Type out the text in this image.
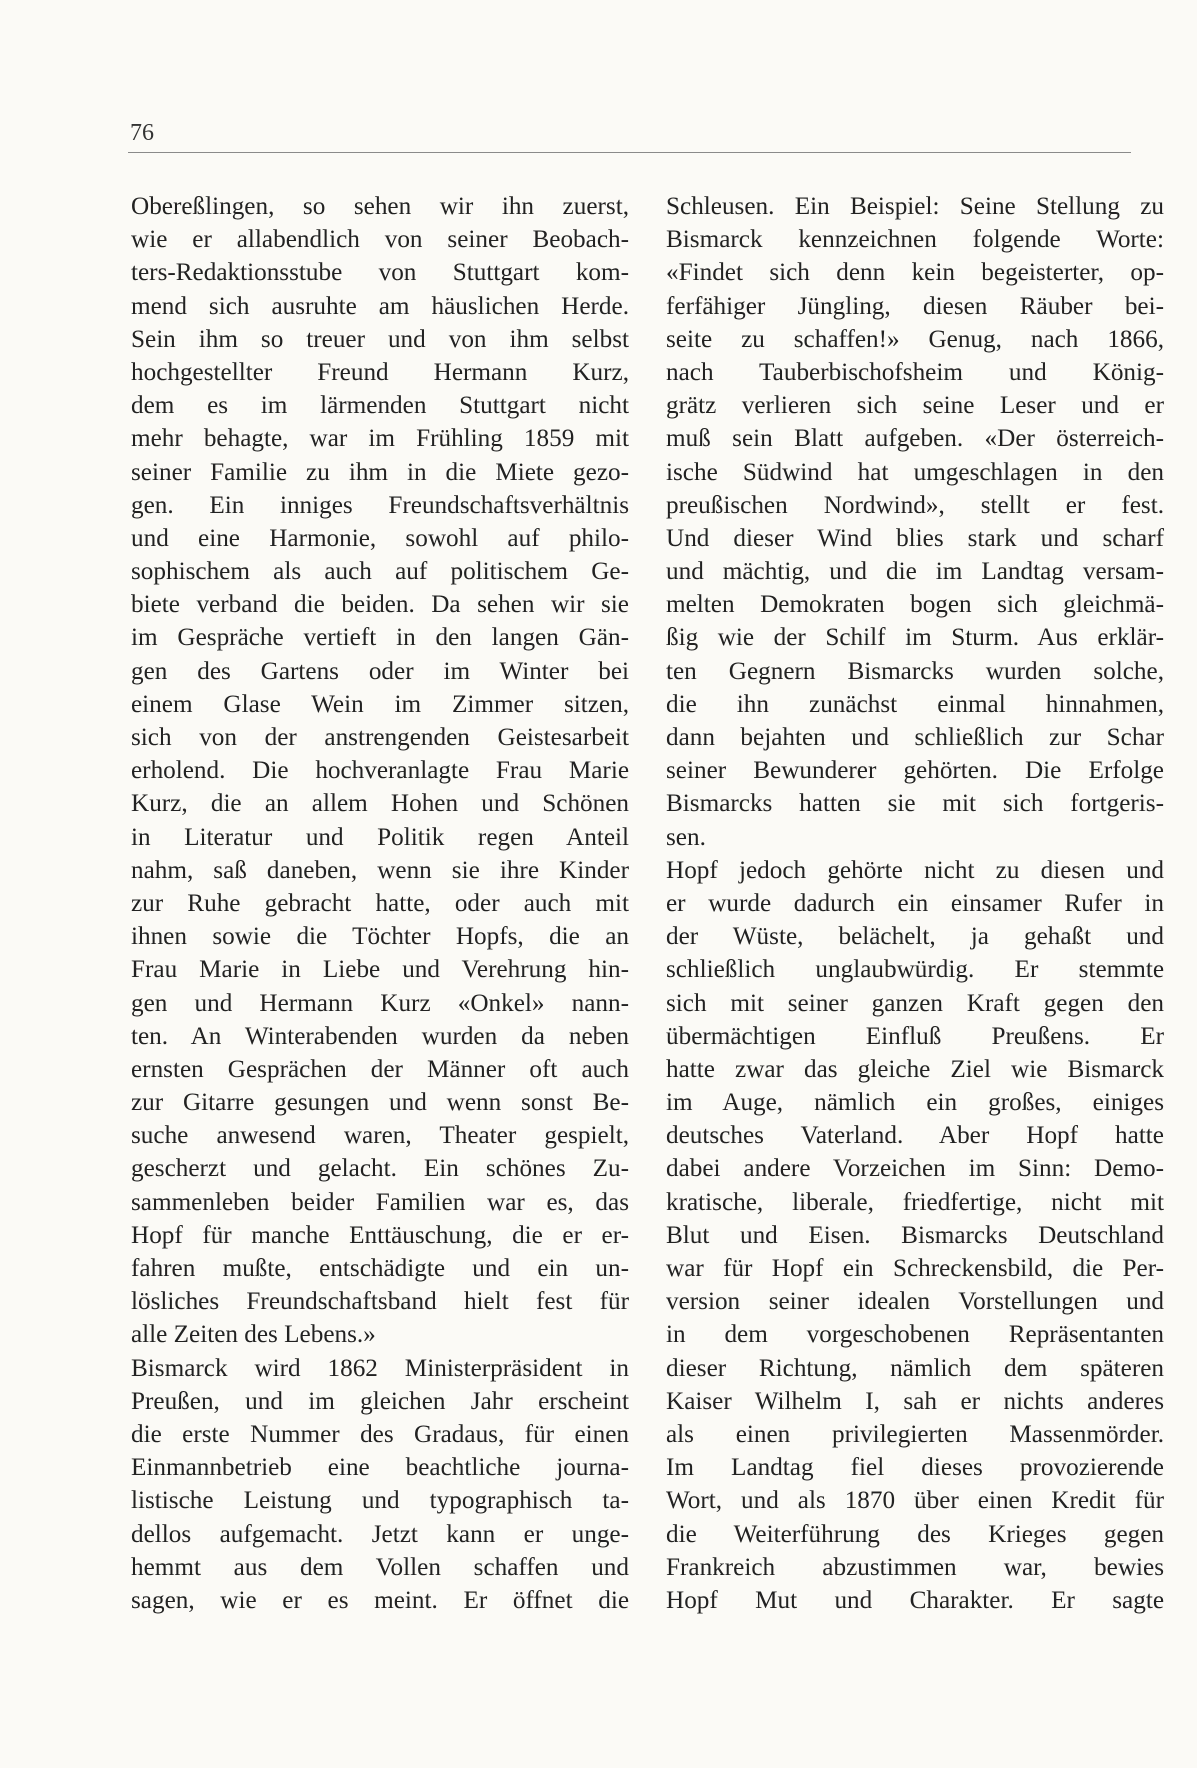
76
Obereßlingen, so sehen wir ihn zuerst,
wie er allabendlich von seiner Beobach-
ters-Redaktionsstube von Stuttgart kom-
mend sich ausruhte am häuslichen Herde.
Sein ihm so treuer und von ihm selbst
hochgestellter Freund Hermann Kurz,
dem es im lärmenden Stuttgart nicht
mehr behagte, war im Frühling 1859 mit
seiner Familie zu ihm in die Miete gezo-
gen. Ein inniges Freundschaftsverhältnis
und eine Harmonie, sowohl auf philo-
sophischem als auch auf politischem Ge-
biete verband die beiden. Da sehen wir sie
im Gespräche vertieft in den langen Gän-
gen des Gartens oder im Winter bei
einem Glase Wein im Zimmer sitzen,
sich von der anstrengenden Geistesarbeit
erholend. Die hochveranlagte Frau Marie
Kurz, die an allem Hohen und Schönen
in Literatur und Politik regen Anteil
nahm, saß daneben, wenn sie ihre Kinder
zur Ruhe gebracht hatte, oder auch mit
ihnen sowie die Töchter Hopfs, die an
Frau Marie in Liebe und Verehrung hin-
gen und Hermann Kurz «Onkel» nann-
ten. An Winterabenden wurden da neben
ernsten Gesprächen der Männer oft auch
zur Gitarre gesungen und wenn sonst Be-
suche anwesend waren, Theater gespielt,
gescherzt und gelacht. Ein schönes Zu-
sammenleben beider Familien war es, das
Hopf für manche Enttäuschung, die er er-
fahren mußte, entschädigte und ein un-
lösliches Freundschaftsband hielt fest für
alle Zeiten des Lebens.»
Bismarck wird 1862 Ministerpräsident in
Preußen, und im gleichen Jahr erscheint
die erste Nummer des Gradaus, für einen
Einmannbetrieb eine beachtliche journa-
listische Leistung und typographisch ta-
dellos aufgemacht. Jetzt kann er unge-
hemmt aus dem Vollen schaffen und
sagen, wie er es meint. Er öffnet die
Schleusen. Ein Beispiel: Seine Stellung zu
Bismarck kennzeichnen folgende Worte:
«Findet sich denn kein begeisterter, op-
ferfähiger Jüngling, diesen Räuber bei-
seite zu schaffen!» Genug, nach 1866,
nach Tauberbischofsheim und König-
grätz verlieren sich seine Leser und er
muß sein Blatt aufgeben. «Der österreich-
ische Südwind hat umgeschlagen in den
preußischen Nordwind», stellt er fest.
Und dieser Wind blies stark und scharf
und mächtig, und die im Landtag versam-
melten Demokraten bogen sich gleichmä-
ßig wie der Schilf im Sturm. Aus erklär-
ten Gegnern Bismarcks wurden solche,
die ihn zunächst einmal hinnahmen,
dann bejahten und schließlich zur Schar
seiner Bewunderer gehörten. Die Erfolge
Bismarcks hatten sie mit sich fortgeris-
sen.
Hopf jedoch gehörte nicht zu diesen und
er wurde dadurch ein einsamer Rufer in
der Wüste, belächelt, ja gehaßt und
schließlich unglaubwürdig. Er stemmte
sich mit seiner ganzen Kraft gegen den
übermächtigen Einfluß Preußens. Er
hatte zwar das gleiche Ziel wie Bismarck
im Auge, nämlich ein großes, einiges
deutsches Vaterland. Aber Hopf hatte
dabei andere Vorzeichen im Sinn: Demo-
kratische, liberale, friedfertige, nicht mit
Blut und Eisen. Bismarcks Deutschland
war für Hopf ein Schreckensbild, die Per-
version seiner idealen Vorstellungen und
in dem vorgeschobenen Repräsentanten
dieser Richtung, nämlich dem späteren
Kaiser Wilhelm I, sah er nichts anderes
als einen privilegierten Massenmörder.
Im Landtag fiel dieses provozierende
Wort, und als 1870 über einen Kredit für
die Weiterführung des Krieges gegen
Frankreich abzustimmen war, bewies
Hopf Mut und Charakter. Er sagte
